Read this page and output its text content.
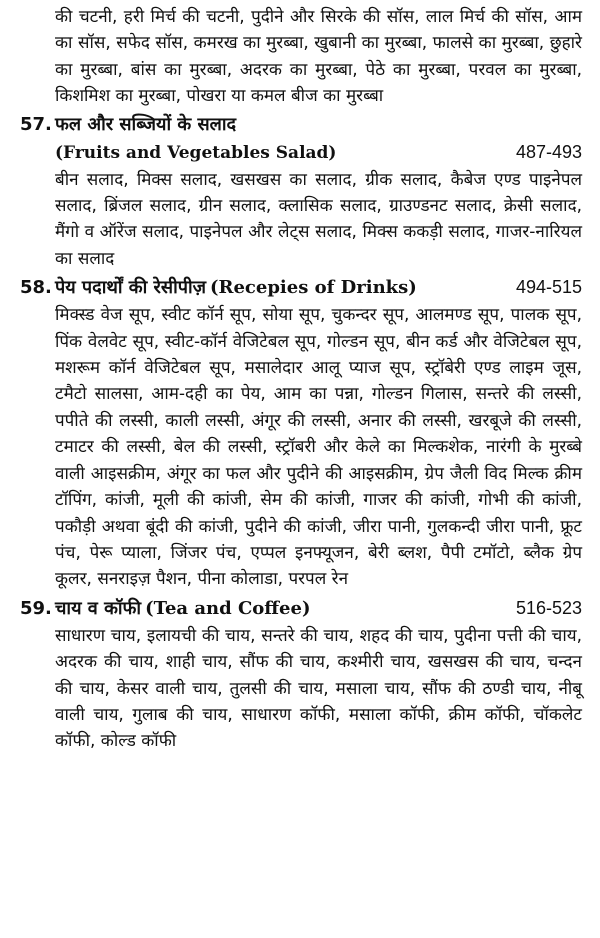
की चटनी, हरी मिर्च की चटनी, पुदीने और सिरके की सॉस, लाल मिर्च की सॉस, आम का सॉस, सफेद सॉस, कमरख का मुरब्बा, खुबानी का मुरब्बा, फालसे का मुरब्बा, छुहारे का मुरब्बा, बांस का मुरब्बा, अदरक का मुरब्बा, पेठे का मुरब्बा, परवल का मुरब्बा, किशमिश का मुरब्बा, पोखरा या कमल बीज का मुरब्बा

57. फल और सब्जियों के सलाद
(Fruits and Vegetables Salad)	487-493

बीन सलाद, मिक्स सलाद, खसखस का सलाद, ग्रीक सलाद, कैबेज एण्ड पाइनेपल सलाद, ब्रिंजल सलाद, ग्रीन सलाद, क्लासिक सलाद, ग्राउण्डनट सलाद, क्रेसी सलाद, मैंगो व ऑरेंज सलाद, पाइनेपल और लेट्स सलाद, मिक्स ककड़ी सलाद, गाजर-नारियल का सलाद

58. पेय पदार्थों की रेसीपीज़ (Recepies of Drinks)	494-515

मिक्स्ड वेज सूप, स्वीट कॉर्न सूप, सोया सूप, चुकन्दर सूप, आलमण्ड सूप, पालक सूप, पिंक वेलवेट सूप, स्वीट-कॉर्न वेजिटेबल सूप, गोल्डन सूप, बीन कर्ड और वेजिटेबल सूप, मशरूम कॉर्न वेजिटेबल सूप, मसालेदार आलू प्याज सूप, स्ट्रॉबेरी एण्ड लाइम जूस, टमैटो सालसा, आम-दही का पेय, आम का पन्ना, गोल्डन गिलास, सन्तरे की लस्सी, पपीते की लस्सी, काली लस्सी, अंगूर की लस्सी, अनार की लस्सी, खरबूजे की लस्सी, टमाटर की लस्सी, बेल की लस्सी, स्ट्रॉबरी और केले का मिल्कशेक, नारंगी के मुरब्बे वाली आइसक्रीम, अंगूर का फल और पुदीने की आइसक्रीम, ग्रेप जैली विद मिल्क क्रीम टॉपिंग, कांजी, मूली की कांजी, सेम की कांजी, गाजर की कांजी, गोभी की कांजी, पकौड़ी अथवा बूंदी की कांजी, पुदीने की कांजी, जीरा पानी, गुलकन्दी जीरा पानी, फ्रूट पंच, पेरू प्याला, जिंजर पंच, एप्पल इनफ्यूजन, बेरी ब्लश, पैपी टमॉटो, ब्लैक ग्रेप कूलर, सनराइज़ पैशन, पीना कोलाडा, परपल रेन

59. चाय व कॉफी (Tea and Coffee)	516-523

साधारण चाय, इलायची की चाय, सन्तरे की चाय, शहद की चाय, पुदीना पत्ती की चाय, अदरक की चाय, शाही चाय, सौंफ की चाय, कश्मीरी चाय, खसखस की चाय, चन्दन की चाय, केसर वाली चाय, तुलसी की चाय, मसाला चाय, सौंफ की ठण्डी चाय, नीबू वाली चाय, गुलाब की चाय, साधारण कॉफी, मसाला कॉफी, क्रीम कॉफी, चॉकलेट कॉफी, कोल्ड कॉफी
